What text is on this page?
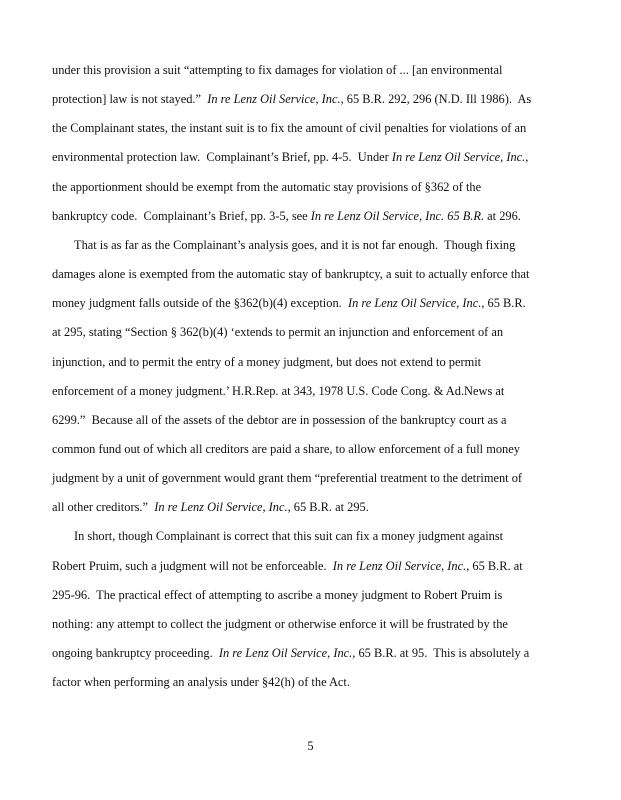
under this provision a suit “attempting to fix damages for violation of ... [an environmental
protection] law is not stayed.”  In re Lenz Oil Service, Inc., 65 B.R. 292, 296 (N.D. Ill 1986).  As
the Complainant states, the instant suit is to fix the amount of civil penalties for violations of an
environmental protection law.  Complainant’s Brief, pp. 4-5.  Under In re Lenz Oil Service, Inc.,
the apportionment should be exempt from the automatic stay provisions of §362 of the
bankruptcy code.  Complainant’s Brief, pp. 3-5, see In re Lenz Oil Service, Inc. 65 B.R. at 296.
That is as far as the Complainant’s analysis goes, and it is not far enough.  Though fixing
damages alone is exempted from the automatic stay of bankruptcy, a suit to actually enforce that
money judgment falls outside of the §362(b)(4) exception.  In re Lenz Oil Service, Inc., 65 B.R.
at 295, stating “Section § 362(b)(4) ‘extends to permit an injunction and enforcement of an
injunction, and to permit the entry of a money judgment, but does not extend to permit
enforcement of a money judgment.’ H.R.Rep. at 343, 1978 U.S. Code Cong. & Ad.News at
6299.”  Because all of the assets of the debtor are in possession of the bankruptcy court as a
common fund out of which all creditors are paid a share, to allow enforcement of a full money
judgment by a unit of government would grant them “preferential treatment to the detriment of
all other creditors.”  In re Lenz Oil Service, Inc., 65 B.R. at 295.
In short, though Complainant is correct that this suit can fix a money judgment against
Robert Pruim, such a judgment will not be enforceable.  In re Lenz Oil Service, Inc., 65 B.R. at
295-96.  The practical effect of attempting to ascribe a money judgment to Robert Pruim is
nothing: any attempt to collect the judgment or otherwise enforce it will be frustrated by the
ongoing bankruptcy proceeding.  In re Lenz Oil Service, Inc., 65 B.R. at 95.  This is absolutely a
factor when performing an analysis under §42(h) of the Act.
5
